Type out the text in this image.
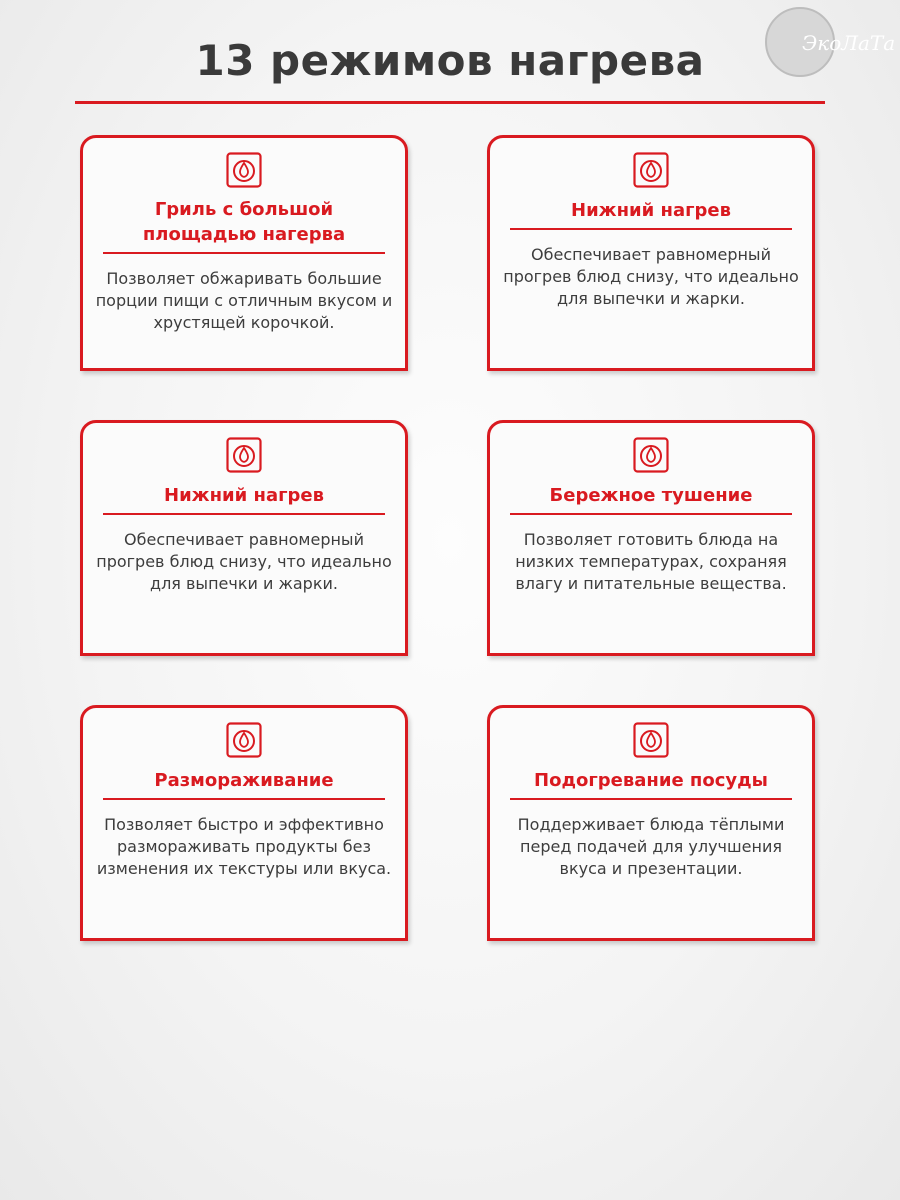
ЭкоЛаТа
13 режимов нагрева
Гриль с большой площадью нагерва
Позволяет обжаривать большие порции пищи с отличным вкусом и хрустящей корочкой.
Нижний нагрев
Обеспечивает равномерный прогрев блюд снизу, что идеально для выпечки и жарки.
Нижний нагрев
Обеспечивает равномерный прогрев блюд снизу, что идеально для выпечки и жарки.
Бережное тушение
Позволяет готовить блюда на низких температурах, сохраняя влагу и питательные вещества.
Размораживание
Позволяет быстро и эффективно размораживать продукты без изменения их текстуры или вкуса.
Подогревание посуды
Поддерживает блюда тёплыми перед подачей для улучшения вкуса и презентации.
